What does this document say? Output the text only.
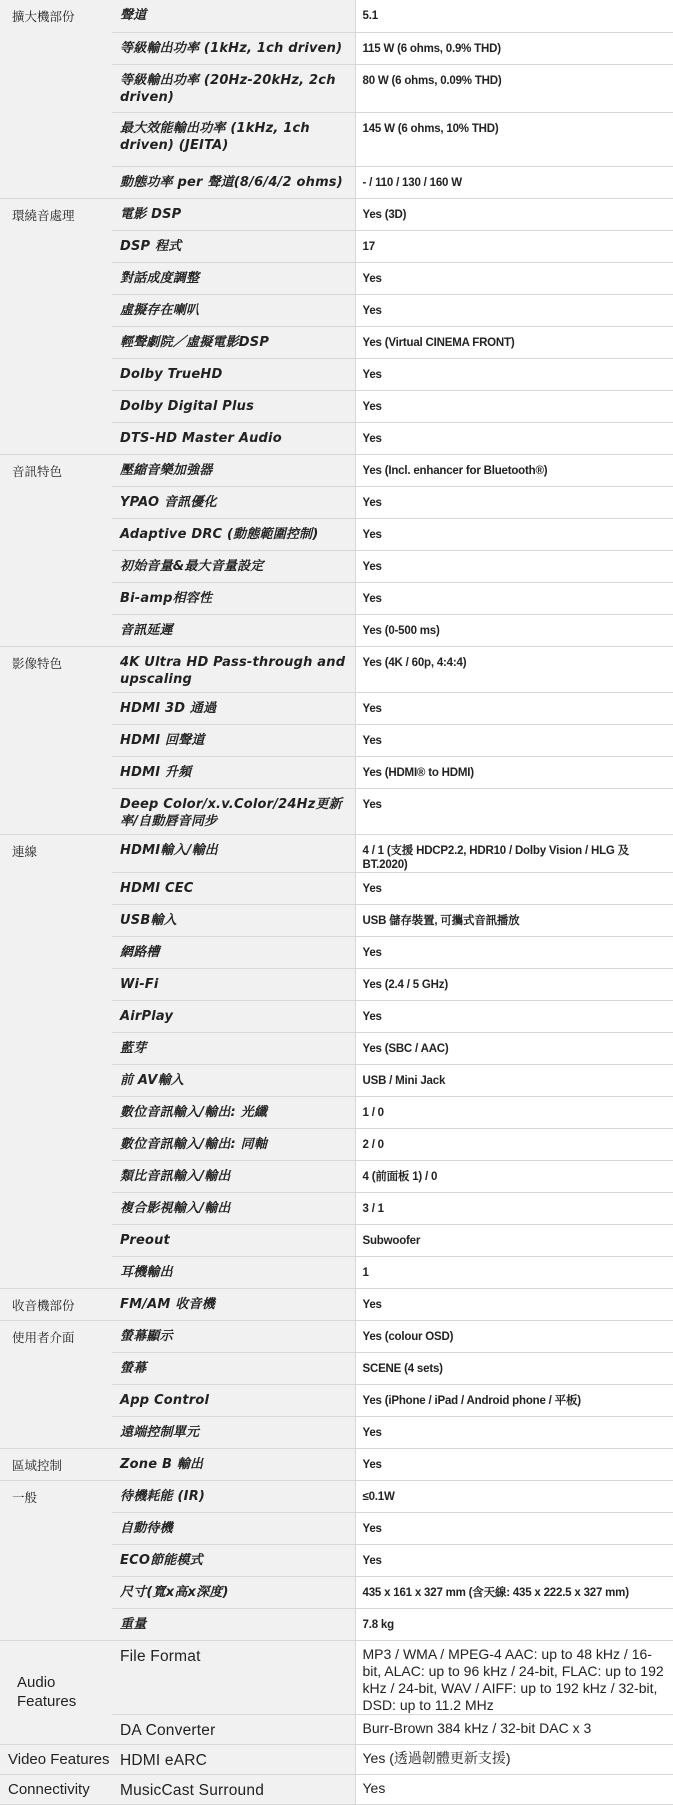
擴大機部份	聲道	5.1
	等級輸出功率 (1kHz, 1ch driven)	115 W (6 ohms, 0.9% THD)
	等級輸出功率 (20Hz-20kHz, 2ch driven)	80 W (6 ohms, 0.09% THD)
	最大效能輸出功率 (1kHz, 1ch driven) (JEITA)	145 W (6 ohms, 10% THD)
	動態功率 per 聲道(8/6/4/2 ohms)	- / 110 / 130 / 160 W
環繞音處理	電影 DSP	Yes (3D)
	DSP 程式	17
	對話成度調整	Yes
	虛擬存在喇叭	Yes
	輕聲劇院／虛擬電影DSP	Yes (Virtual CINEMA FRONT)
	Dolby TrueHD	Yes
	Dolby Digital Plus	Yes
	DTS-HD Master Audio	Yes
音訊特色	壓縮音樂加強器	Yes (Incl. enhancer for Bluetooth®)
	YPAO 音訊優化	Yes
	Adaptive DRC (動態範圍控制)	Yes
	初始音量&最大音量設定	Yes
	Bi-amp相容性	Yes
	音訊延遲	Yes (0-500 ms)
影像特色	4K Ultra HD Pass-through and upscaling	Yes (4K / 60p, 4:4:4)
	HDMI 3D 通過	Yes
	HDMI 回聲道	Yes
	HDMI 升頻	Yes (HDMI® to HDMI)
	Deep Color/x.v.Color/24Hz更新率/自動唇音同步	Yes
連線	HDMI輸入/輸出	4 / 1 (支援 HDCP2.2, HDR10 / Dolby Vision / HLG 及 BT.2020)
	HDMI CEC	Yes
	USB輸入	USB 儲存裝置, 可攜式音訊播放
	網路槽	Yes
	Wi-Fi	Yes (2.4 / 5 GHz)
	AirPlay	Yes
	藍芽	Yes (SBC / AAC)
	前 AV輸入	USB / Mini Jack
	數位音訊輸入/輸出: 光纖	1 / 0
	數位音訊輸入/輸出: 同軸	2 / 0
	類比音訊輸入/輸出	4 (前面板 1) / 0
	複合影視輸入/輸出	3 / 1
	Preout	Subwoofer
	耳機輸出	1
收音機部份	FM/AM 收音機	Yes
使用者介面	螢幕顯示	Yes (colour OSD)
	螢幕	SCENE (4 sets)
	App Control	Yes (iPhone / iPad / Android phone / 平板)
	遠端控制單元	Yes
區域控制	Zone B 輸出	Yes
一般	待機耗能 (IR)	≤0.1W
	自動待機	Yes
	ECO節能模式	Yes
	尺寸(寬x高x深度)	435 x 161 x 327 mm (含天線: 435 x 222.5 x 327 mm)
	重量	7.8 kg
Audio Features	File Format	MP3 / WMA / MPEG-4 AAC: up to 48 kHz / 16-bit, ALAC: up to 96 kHz / 24-bit, FLAC: up to 192 kHz / 24-bit, WAV / AIFF: up to 192 kHz / 32-bit, DSD: up to 11.2 MHz
	DA Converter	Burr-Brown 384 kHz / 32-bit DAC x 3
Video Features	HDMI eARC	Yes (透過韌體更新支援)
Connectivity	MusicCast Surround	Yes
